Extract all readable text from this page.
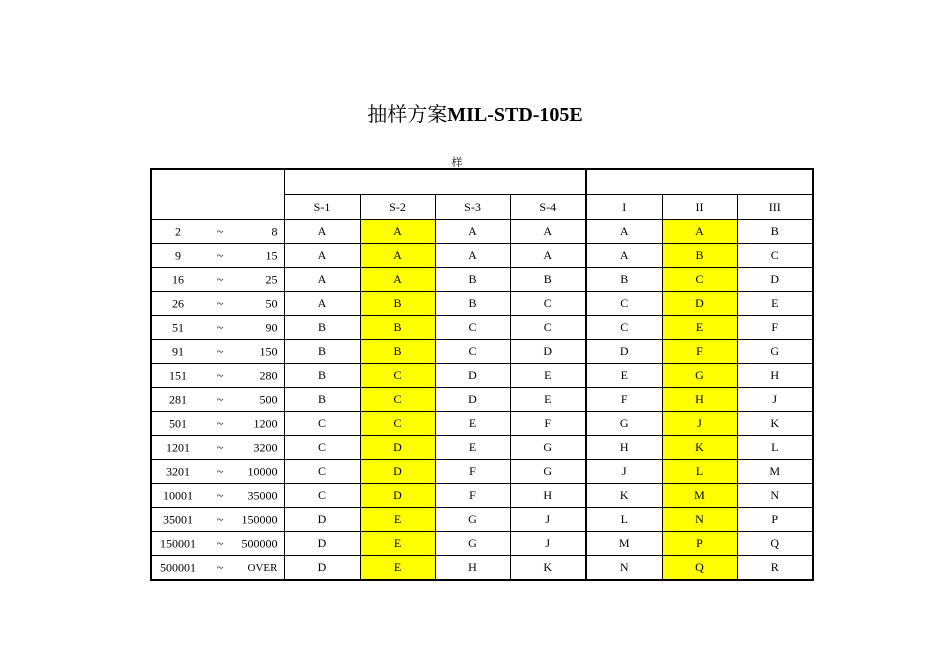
抽样方案MIL-STD-105E
样

	S-1	S-2	S-3	S-4	I	II	III

2 ~ 8	A	A	A	A	A	A	B

9 ~ 15	A	A	A	A	A	B	C

16 ~ 25	A	A	B	B	B	C	D

26 ~ 50	A	B	B	C	C	D	E

51 ~ 90	B	B	C	C	C	E	F

91 ~ 150	B	B	C	D	D	F	G

151 ~ 280	B	C	D	E	E	G	H

281 ~ 500	B	C	D	E	F	H	J

501 ~ 1200	C	C	E	F	G	J	K

1201 ~ 3200	C	D	E	G	H	K	L

3201 ~ 10000	C	D	F	G	J	L	M

10001 ~ 35000	C	D	F	H	K	M	N

35001 ~ 150000	D	E	G	J	L	N	P

150001 ~ 500000	D	E	G	J	M	P	Q

500001 ~ OVER	D	E	H	K	N	Q	R
